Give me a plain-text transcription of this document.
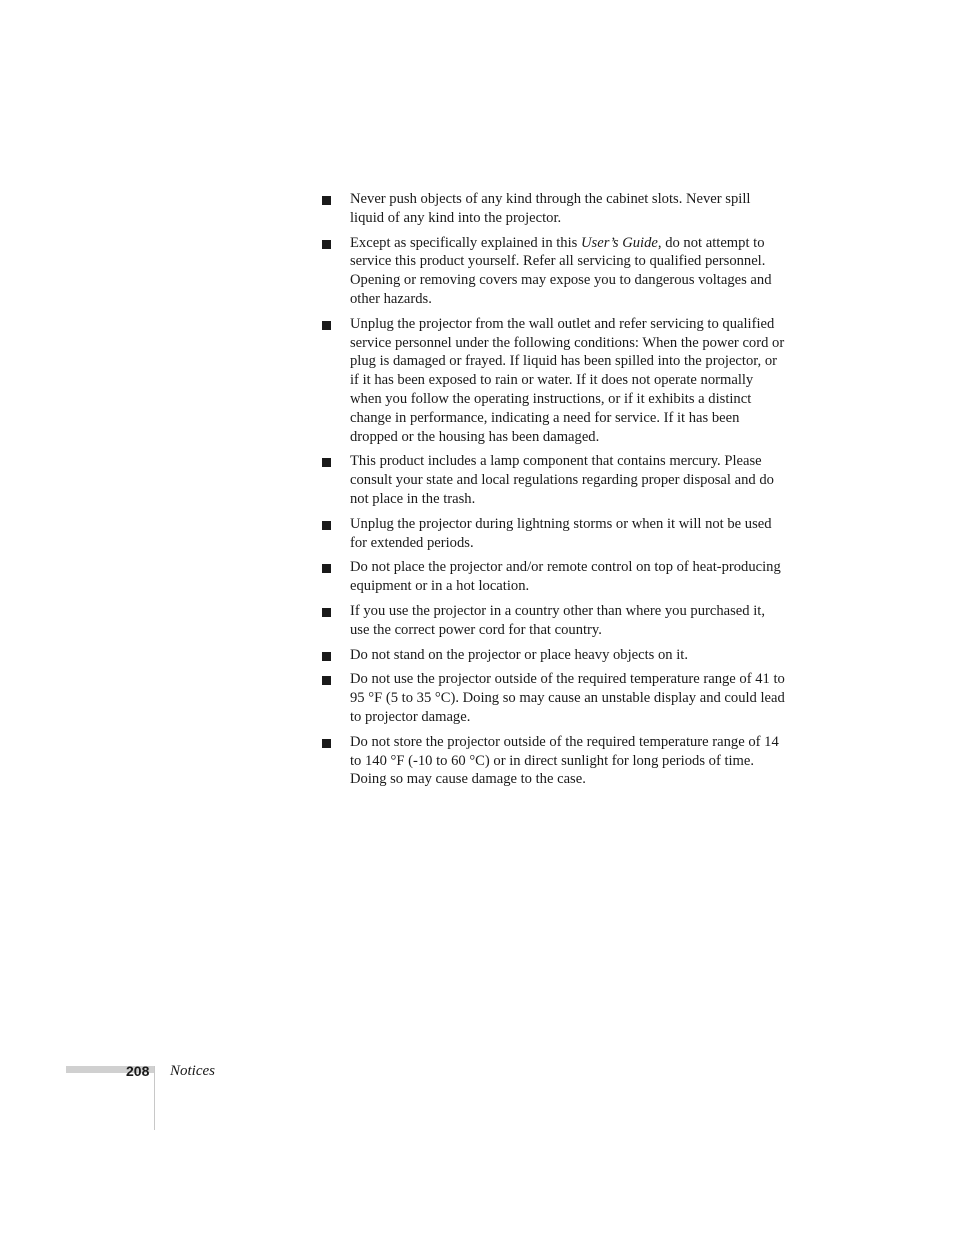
Never push objects of any kind through the cabinet slots. Never spill liquid of any kind into the projector.
Except as specifically explained in this User’s Guide, do not attempt to service this product yourself. Refer all servicing to qualified personnel. Opening or removing covers may expose you to dangerous voltages and other hazards.
Unplug the projector from the wall outlet and refer servicing to qualified service personnel under the following conditions: When the power cord or plug is damaged or frayed. If liquid has been spilled into the projector, or if it has been exposed to rain or water. If it does not operate normally when you follow the operating instructions, or if it exhibits a distinct change in performance, indicating a need for service. If it has been dropped or the housing has been damaged.
This product includes a lamp component that contains mercury. Please consult your state and local regulations regarding proper disposal and do not place in the trash.
Unplug the projector during lightning storms or when it will not be used for extended periods.
Do not place the projector and/or remote control on top of heat-producing equipment or in a hot location.
If you use the projector in a country other than where you purchased it, use the correct power cord for that country.
Do not stand on the projector or place heavy objects on it.
Do not use the projector outside of the required temperature range of 41 to 95 °F (5 to 35 °C). Doing so may cause an unstable display and could lead to projector damage.
Do not store the projector outside of the required temperature range of 14 to 140 °F (-10 to 60 °C) or in direct sunlight for long periods of time. Doing so may cause damage to the case.
208 Notices
